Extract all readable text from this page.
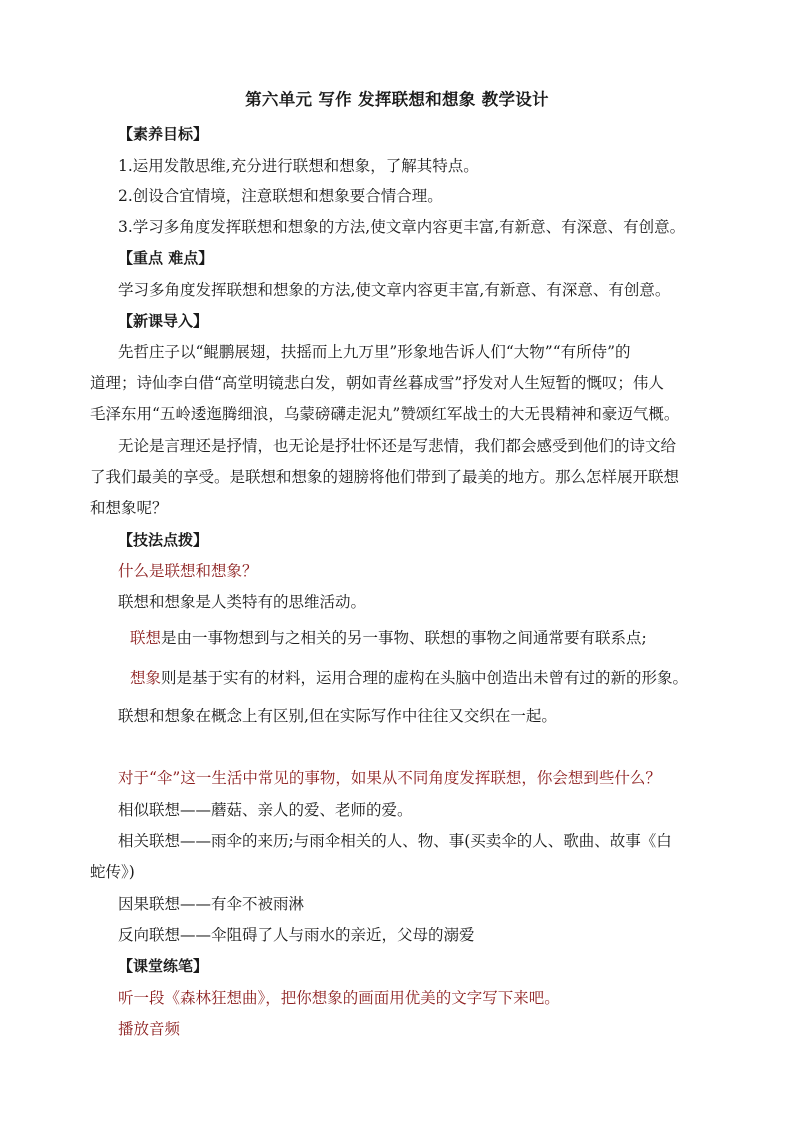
第六单元 写作 发挥联想和想象 教学设计
【素养目标】
1.运用发散思维,充分进行联想和想象，了解其特点。
2.创设合宜情境，注意联想和想象要合情合理。
3.学习多角度发挥联想和想象的方法,使文章内容更丰富,有新意、有深意、有创意。
【重点 难点】
学习多角度发挥联想和想象的方法,使文章内容更丰富,有新意、有深意、有创意。
【新课导入】
先哲庄子以“鲲鹏展翅，扶摇而上九万里”形象地告诉人们“大物”“有所侍”的
道理；诗仙李白借“高堂明镜悲白发，朝如青丝暮成雪”抒发对人生短暂的慨叹；伟人
毛泽东用“五岭逶迤腾细浪，乌蒙磅礴走泥丸”赞颂红军战士的大无畏精神和豪迈气概。
无论是言理还是抒情，也无论是抒壮怀还是写悲情，我们都会感受到他们的诗文给
了我们最美的享受。是联想和想象的翅膀将他们带到了最美的地方。那么怎样展开联想
和想象呢？
【技法点拨】
什么是联想和想象？
联想和想象是人类特有的思维活动。
联想是由一事物想到与之相关的另一事物、联想的事物之间通常要有联系点;
想象则是基于实有的材料，运用合理的虚构在头脑中创造出未曾有过的新的形象。
联想和想象在概念上有区别,但在实际写作中往往又交织在一起。
对于“伞”这一生活中常见的事物，如果从不同角度发挥联想，你会想到些什么？
相似联想——蘑菇、亲人的爱、老师的爱。
相关联想——雨伞的来历;与雨伞相关的人、物、事(买卖伞的人、歌曲、故事《白
蛇传》)
因果联想——有伞不被雨淋
反向联想——伞阻碍了人与雨水的亲近，父母的溺爱
【课堂练笔】
听一段《森林狂想曲》，把你想象的画面用优美的文字写下来吧。
播放音频
